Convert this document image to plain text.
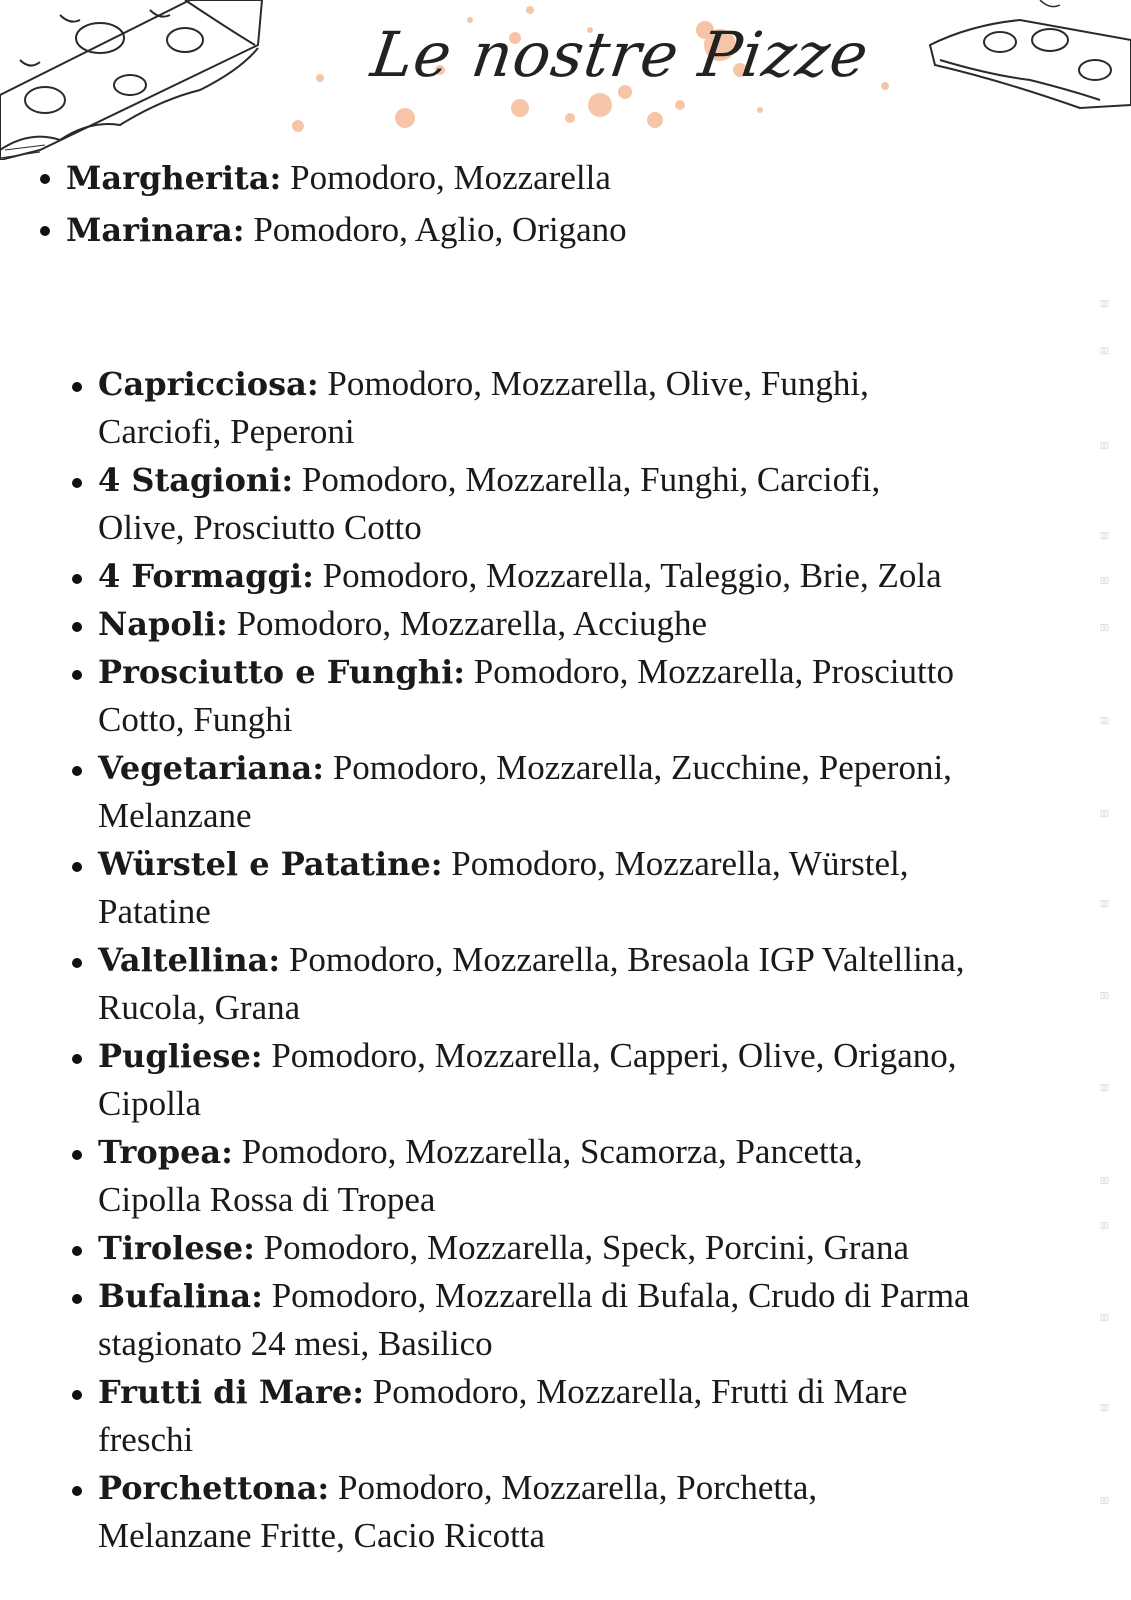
Le nostre Pizze
Margherita: Pomodoro, Mozzarella
Marinara: Pomodoro, Aglio, Origano
Capricciosa: Pomodoro, Mozzarella, Olive, Funghi, Carciofi, Peperoni
4 Stagioni: Pomodoro, Mozzarella, Funghi, Carciofi, Olive, Prosciutto Cotto
4 Formaggi: Pomodoro, Mozzarella, Taleggio, Brie, Zola
Napoli: Pomodoro, Mozzarella, Acciughe
Prosciutto e Funghi: Pomodoro, Mozzarella, Prosciutto Cotto, Funghi
Vegetariana: Pomodoro, Mozzarella, Zucchine, Peperoni, Melanzane
Würstel e Patatine: Pomodoro, Mozzarella, Würstel, Patatine
Valtellina: Pomodoro, Mozzarella, Bresaola IGP Valtellina, Rucola, Grana
Pugliese: Pomodoro, Mozzarella, Capperi, Olive, Origano, Cipolla
Tropea: Pomodoro, Mozzarella, Scamorza, Pancetta, Cipolla Rossa di Tropea
Tirolese: Pomodoro, Mozzarella, Speck, Porcini, Grana
Bufalina: Pomodoro, Mozzarella di Bufala, Crudo di Parma stagionato 24 mesi, Basilico
Frutti di Mare: Pomodoro, Mozzarella, Frutti di Mare freschi
Porchettona: Pomodoro, Mozzarella, Porchetta, Melanzane Fritte, Cacio Ricotta
▯▯
▯▯
▯▯
▯▯
▯▯
▯▯
▯▯
▯▯
▯▯
▯▯
▯▯
▯▯
▯▯
▯▯
▯▯
▯▯
